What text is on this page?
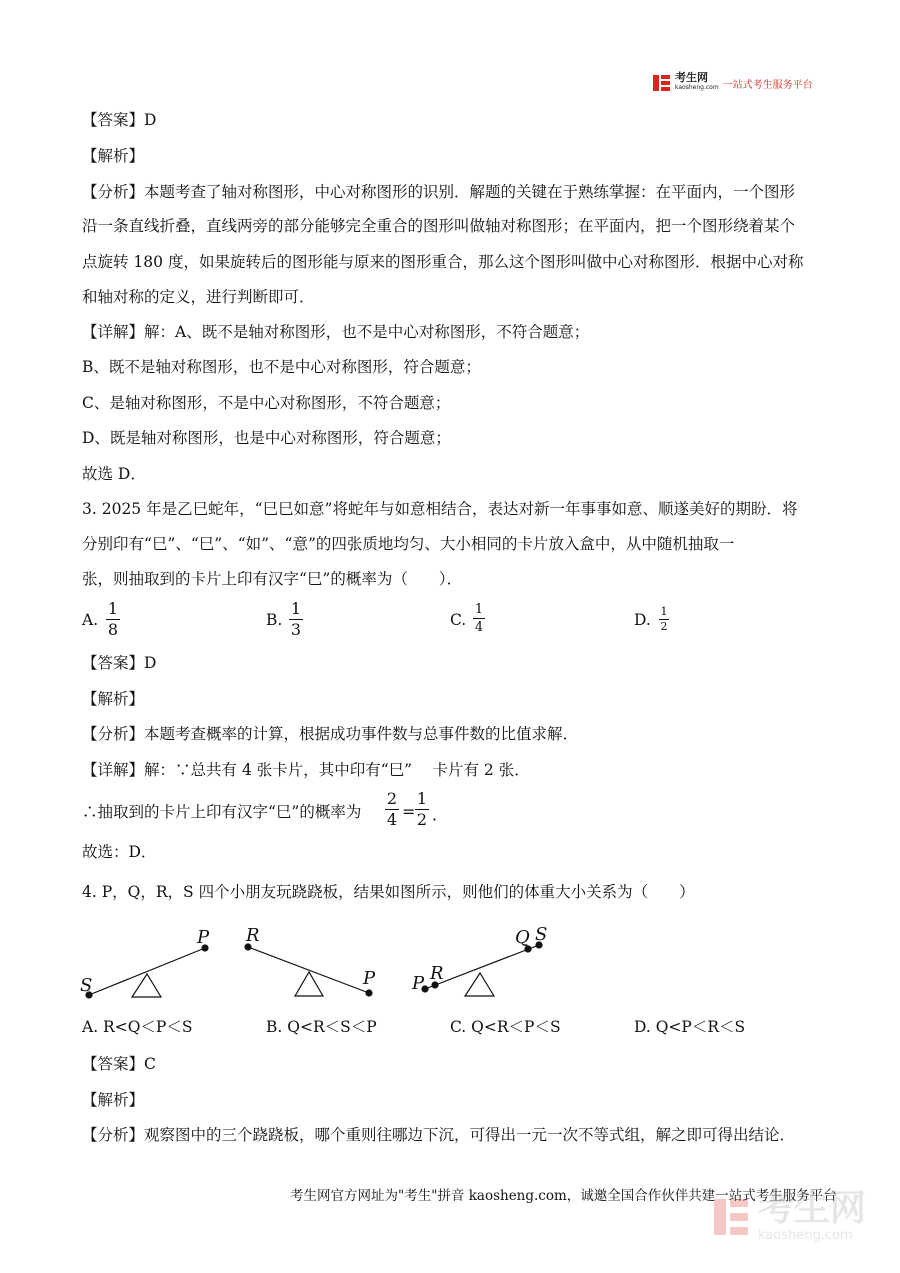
考生网
kaosheng.com 一站式考生服务平台
【答案】D
【解析】
【分析】本题考查了轴对称图形，中心对称图形的识别．解题的关键在于熟练掌握：在平面内，一个图形
沿一条直线折叠，直线两旁的部分能够完全重合的图形叫做轴对称图形；在平面内，把一个图形绕着某个
点旋转 180 度，如果旋转后的图形能与原来的图形重合，那么这个图形叫做中心对称图形．根据中心对称
和轴对称的定义，进行判断即可．
【详解】解：A、既不是轴对称图形，也不是中心对称图形，不符合题意；
B、既不是轴对称图形，也不是中心对称图形，符合题意；
C、是轴对称图形，不是中心对称图形，不符合题意；
D、既是轴对称图形，也是中心对称图形，符合题意；
故选 D．
3. 2025 年是乙巳蛇年，“巳巳如意”将蛇年与如意相结合，表达对新一年事事如意、顺遂美好的期盼．将
分别印有“巳”、“巳”、“如”、“意”的四张质地均匀、大小相同的卡片放入盒中，从中随机抽取一
张，则抽取到的卡片上印有汉字“巳”的概率为（　　）．
A.
1
8	B.
1
3	C.
1
4	D. 1
2
【答案】D
【解析】
【分析】本题考查概率的计算，根据成功事件数与总事件数的比值求解．
【详解】解：∵总共有 4 张卡片，其中印有“巳”　 卡片有 2 张．
∴抽取到的卡片上印有汉字“巳”的概率为
2
4 =
1
2 ．
故选：D．
4. P，Q，R，S 四个小朋友玩跷跷板，结果如图所示，则他们的体重大小关系为（　　）
S
P R
P P R
Q S
A. R<Q＜P＜S	B. Q<R＜S＜P	C. Q<R＜P＜S	D. Q<P＜R＜S
【答案】C
【解析】
【分析】观察图中的三个跷跷板，哪个重则往哪边下沉，可得出一元一次不等式组，解之即可得出结论．
考生网官方网址为"考生"拼音 kaosheng.com，诚邀全国合作伙伴共建一站式考生服务平台
考生网
kaosheng.com
